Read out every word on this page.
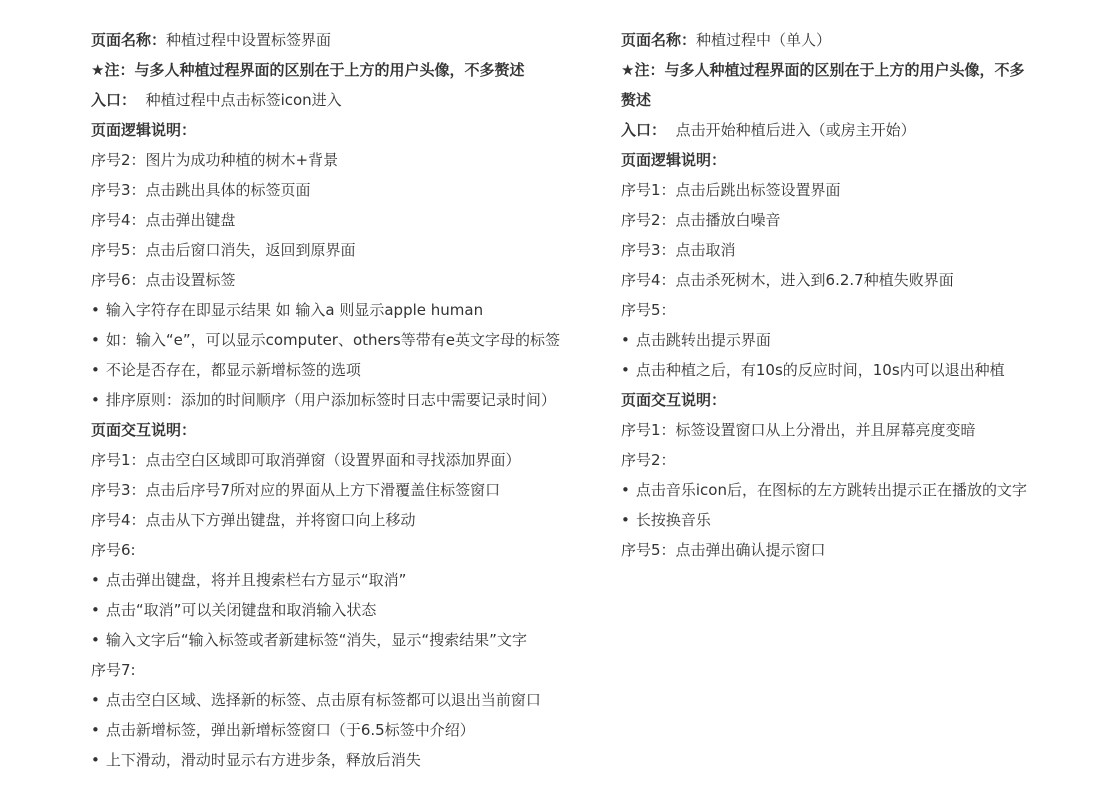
页面名称：种植过程中设置标签界面

★注：与多人种植过程界面的区别在于上方的用户头像，不多赘述

入口： 种植过程中点击标签icon进入

页面逻辑说明：

序号2：图片为成功种植的树木+背景

序号3：点击跳出具体的标签页面

序号4：点击弹出键盘

序号5：点击后窗口消失，返回到原界面

序号6：点击设置标签

• 输入字符存在即显示结果 如 输入a 则显示apple human

• 如：输入“e”，可以显示computer、others等带有e英文字母的标签

• 不论是否存在，都显示新增标签的选项

• 排序原则：添加的时间顺序（用户添加标签时日志中需要记录时间）

页面交互说明：

序号1：点击空白区域即可取消弹窗（设置界面和寻找添加界面）

序号3：点击后序号7所对应的界面从上方下滑覆盖住标签窗口

序号4：点击从下方弹出键盘，并将窗口向上移动

序号6:

• 点击弹出键盘，将并且搜索栏右方显示“取消”

• 点击“取消”可以关闭键盘和取消输入状态

• 输入文字后“输入标签或者新建标签“消失，显示“搜索结果”文字

序号7:

• 点击空白区域、选择新的标签、点击原有标签都可以退出当前窗口

• 点击新增标签，弹出新增标签窗口（于6.5标签中介绍）

• 上下滑动，滑动时显示右方进步条，释放后消失

页面名称：种植过程中（单人）

★注：与多人种植过程界面的区别在于上方的用户头像，不多赘述

入口： 点击开始种植后进入（或房主开始）

页面逻辑说明：

序号1：点击后跳出标签设置界面

序号2：点击播放白噪音

序号3：点击取消

序号4：点击杀死树木，进入到6.2.7种植失败界面

序号5：

• 点击跳转出提示界面

• 点击种植之后，有10s的反应时间，10s内可以退出种植

页面交互说明：

序号1：标签设置窗口从上分滑出，并且屏幕亮度变暗

序号2：

• 点击音乐icon后，在图标的左方跳转出提示正在播放的文字

• 长按换音乐

序号5：点击弹出确认提示窗口
